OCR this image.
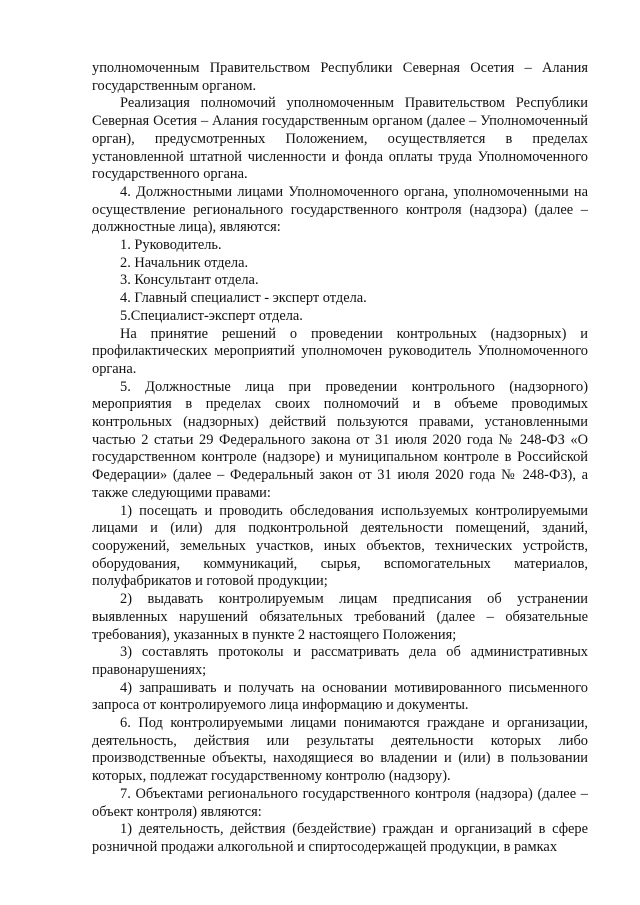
уполномоченным Правительством Республики Северная Осетия – Алания государственным органом.

Реализация полномочий уполномоченным Правительством Республики Северная Осетия – Алания государственным органом (далее – Уполномоченный орган), предусмотренных Положением, осуществляется в пределах установленной штатной численности и фонда оплаты труда Уполномоченного государственного органа.

4. Должностными лицами Уполномоченного органа, уполномоченными на осуществление регионального государственного контроля (надзора) (далее – должностные лица), являются:

1. Руководитель.

2. Начальник отдела.

3. Консультант отдела.

4. Главный специалист - эксперт отдела.

5.Специалист-эксперт отдела.

На принятие решений о проведении контрольных (надзорных) и профилактических мероприятий уполномочен руководитель Уполномоченного органа.

5. Должностные лица при проведении контрольного (надзорного) мероприятия в пределах своих полномочий и в объеме проводимых контрольных (надзорных) действий пользуются правами, установленными частью 2 статьи 29 Федерального закона от 31 июля 2020 года № 248-ФЗ «О государственном контроле (надзоре) и муниципальном контроле в Российской Федерации» (далее – Федеральный закон от 31 июля 2020 года № 248-ФЗ), а также следующими правами:

1) посещать и проводить обследования используемых контролируемыми лицами и (или) для подконтрольной деятельности помещений, зданий, сооружений, земельных участков, иных объектов, технических устройств, оборудования, коммуникаций, сырья, вспомогательных материалов, полуфабрикатов и готовой продукции;

2) выдавать контролируемым лицам предписания об устранении выявленных нарушений обязательных требований (далее – обязательные требования), указанных в пункте 2 настоящего Положения;

3) составлять протоколы и рассматривать дела об административных правонарушениях;

4) запрашивать и получать на основании мотивированного письменного запроса от контролируемого лица информацию и документы.

6. Под контролируемыми лицами понимаются граждане и организации, деятельность, действия или результаты деятельности которых либо производственные объекты, находящиеся во владении и (или) в пользовании которых, подлежат государственному контролю (надзору).

7. Объектами регионального государственного контроля (надзора) (далее – объект контроля) являются:

1) деятельность, действия (бездействие) граждан и организаций в сфере розничной продажи алкогольной и спиртосодержащей продукции, в рамках
